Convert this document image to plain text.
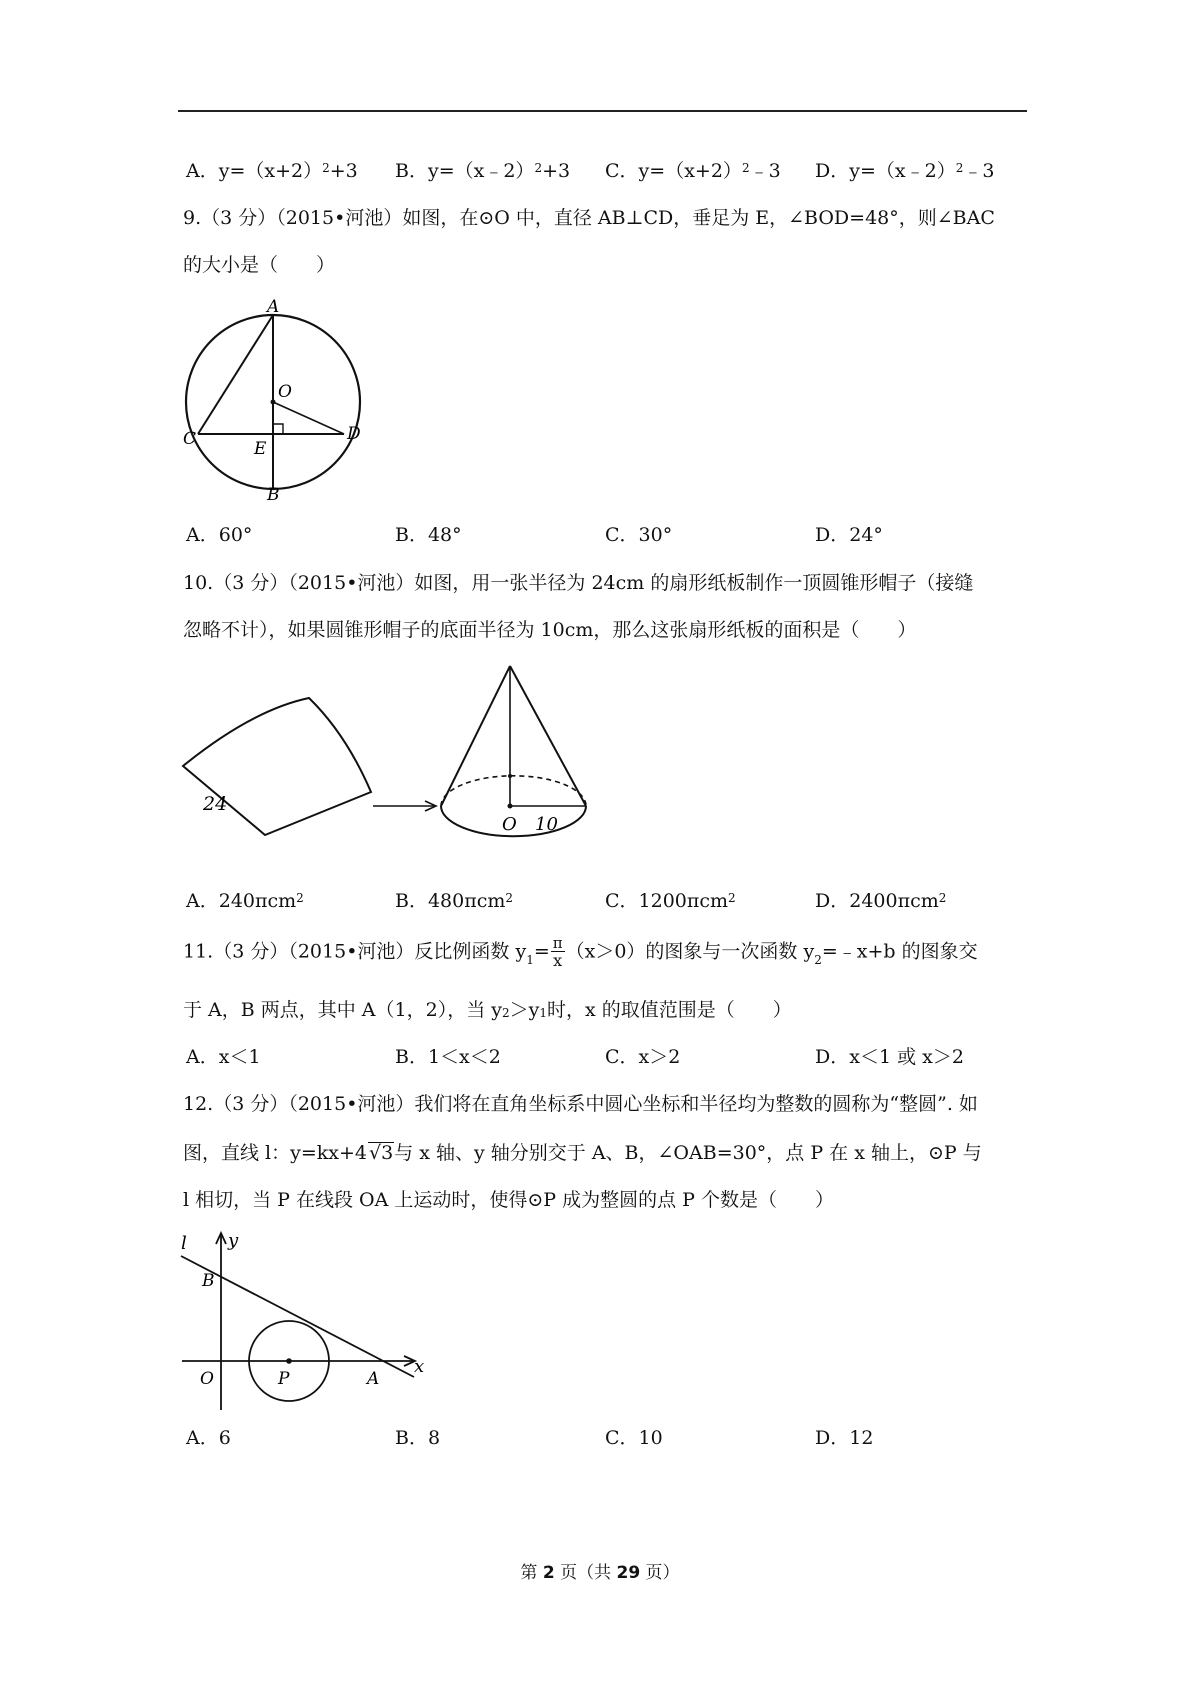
A．$y=(x+2)^2+3$ B．y=（x﹣2）$^2$+3 C．$y=(x+2)^2﹣3$ D．y=（x﹣2）$^2$﹣3
9.（3 分）（2015•河池）如图，在⊙O 中，直径 AB⊥CD，垂足为 E，∠BOD=48°，则∠BAC
的大小是（　　）
A
O
C	E
D
B
A．60°	B．48°	C．30°	D．24°
10.（3 分）（2015•河池）如图，用一张半径为 24cm 的扇形纸板制作一顶圆锥形帽子（接缝
忽略不计），如果圆锥形帽子的底面半径为 10cm，那么这张扇形纸板的面积是（　　）
24
O 10
A．240πcm$^2$	B．480πcm$^2$	C．1200πcm$^2$	D．2400πcm$^2$
11.（3 分）（2015•河池）反比例函数 $y_1= \frac{\pi}{x} (x>0)$的图象与一次函数 $y_2=﹣x+b$ 的图象交
于 A，B 两点，其中 A（1，2），当 $y_2>y_1$时，x 的取值范围是（　　）
A．x＜1	B．1＜x＜2	C．x＞2	D．x＜1 或 x＞2
12.（3 分）（2015•河池）我们将在直角坐标系中圆心坐标和半径均为整数的圆称为“整圆”. 如
图，直线 l：y=kx+4 √3与 x 轴、y 轴分别交于 A、B，∠OAB=30°，点 P 在 x 轴上，⊙P 与
l 相切，当 P 在线段 OA 上运动时，使得⊙P 成为整圆的点 P 个数是（　　）
l y
B
O	P	A
x
A．6	B．8	C．10	D．12
第 2 页（共 29 页）
